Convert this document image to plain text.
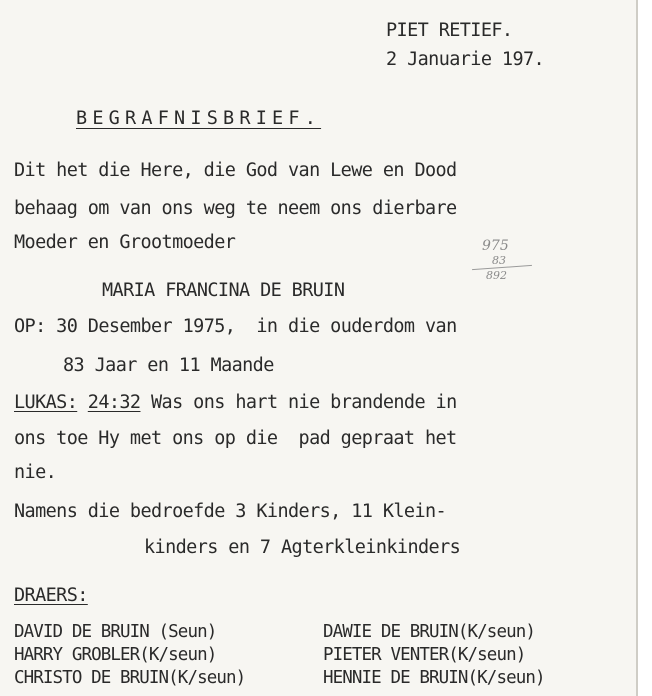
PIET RETIEF.
2 Januarie 197.
BEGRAFNISBRIEF.
Dit het die Here, die God van Lewe en Dood
behaag om van ons weg te neem ons dierbare
Moeder en Grootmoeder	975
83
892
MARIA FRANCINA DE BRUIN
OP: 30 Desember 1975,  in die ouderdom van
83 Jaar en 11 Maande
LUKAS: 24:32 Was ons hart nie brandende in
ons toe Hy met ons op die  pad gepraat het
nie.
Namens die bedroefde 3 Kinders, 11 Klein-
kinders en 7 Agterkleinkinders
DRAERS:
DAVID DE BRUIN (Seun)
HARRY GROBLER(K/seun)
CHRISTO DE BRUIN(K/seun)
DAWIE DE BRUIN(K/seun)
PIETER VENTER(K/seun)
HENNIE DE BRUIN(K/seun)
